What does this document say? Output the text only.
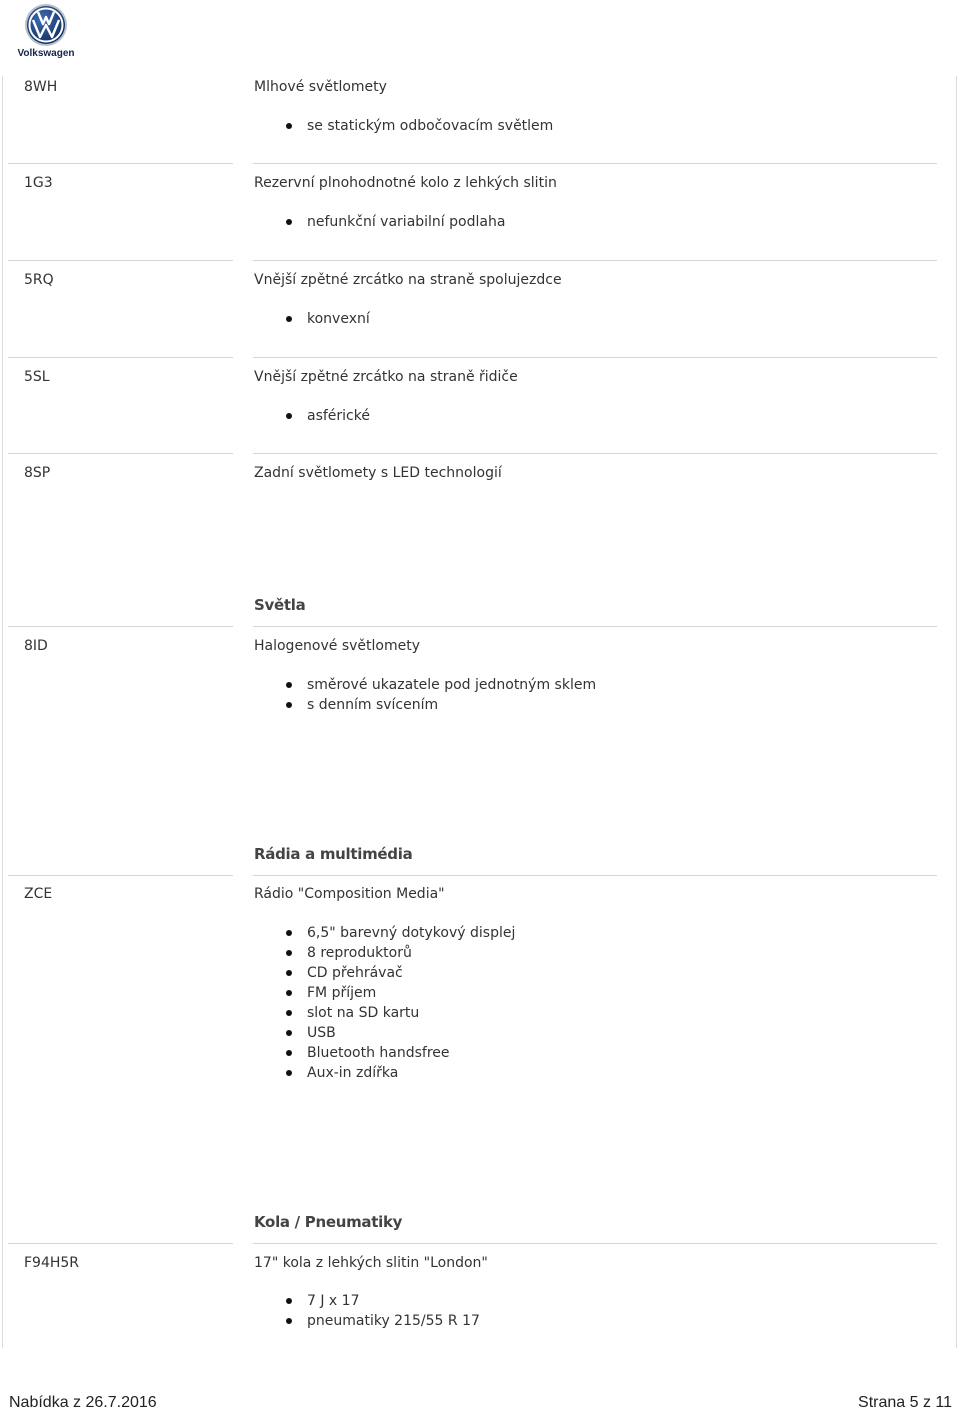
Volkswagen
8WH	Mlhové světlomety
se statickým odbočovacím světlem
1G3	Rezervní plnohodnotné kolo z lehkých slitin
nefunkční variabilní podlaha
5RQ	Vnější zpětné zrcátko na straně spolujezdce
konvexní
5SL	Vnější zpětné zrcátko na straně řidiče
asférické
8SP	Zadní světlomety s LED technologií
Světla
8ID	Halogenové světlomety
směrové ukazatele pod jednotným sklem
s denním svícením
Rádia a multimédia
ZCE	Rádio "Composition Media"
6,5" barevný dotykový displej
8 reproduktorů
CD přehrávač
FM příjem
slot na SD kartu
USB
Bluetooth handsfree
Aux-in zdířka
Kola / Pneumatiky
F94H5R	17" kola z lehkých slitin "London"
7 J x 17
pneumatiky 215/55 R 17
Nabídka z 26.7.2016	Strana 5 z 11
